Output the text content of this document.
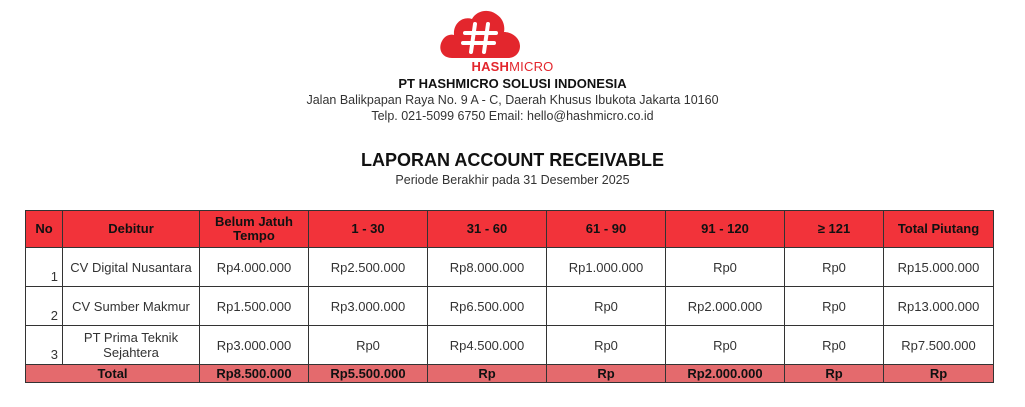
HASHMICRO
PT HASHMICRO SOLUSI INDONESIA
Jalan Balikpapan Raya No. 9 A - C, Daerah Khusus Ibukota Jakarta 10160
Telp. 021-5099 6750 Email: hello@hashmicro.co.id
LAPORAN ACCOUNT RECEIVABLE
Periode Berakhir pada 31 Desember 2025
No	Debitur	Belum Jatuh Tempo	1 - 30	31 - 60	61 - 90	91 - 120	≥ 121	Total Piutang
1	CV Digital Nusantara	Rp4.000.000	Rp2.500.000	Rp8.000.000	Rp1.000.000	Rp0	Rp0	Rp15.000.000
2	CV Sumber Makmur	Rp1.500.000	Rp3.000.000	Rp6.500.000	Rp0	Rp2.000.000	Rp0	Rp13.000.000
3	PT Prima Teknik Sejahtera	Rp3.000.000	Rp0	Rp4.500.000	Rp0	Rp0	Rp0	Rp7.500.000
Total		Rp8.500.000	Rp5.500.000	Rp	Rp	Rp2.000.000	Rp	Rp
